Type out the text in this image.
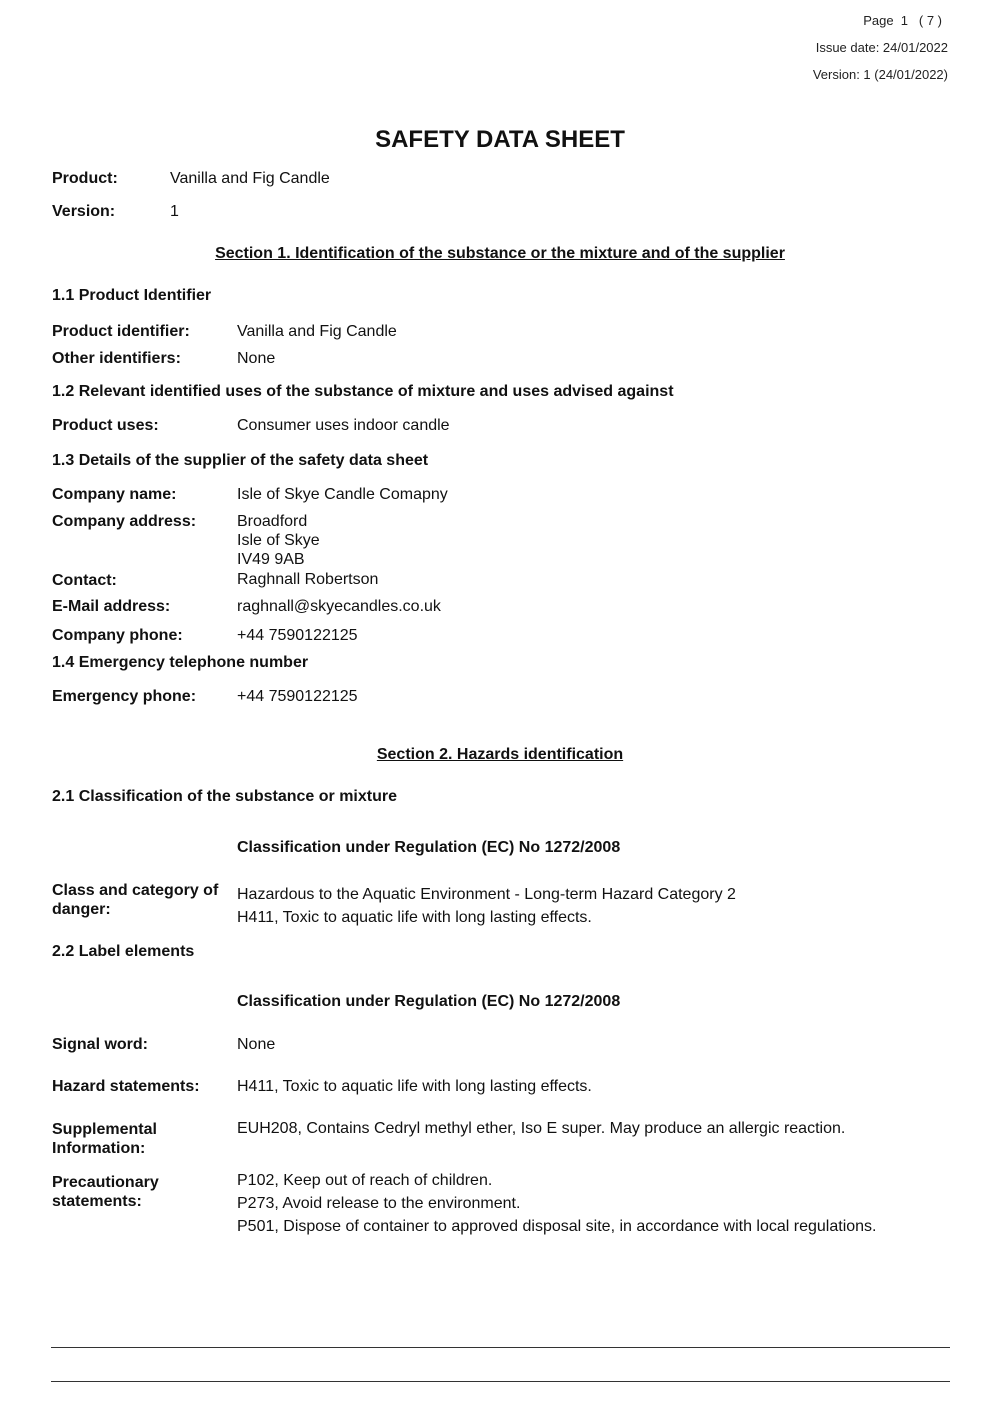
Page 1 ( 7 )
Issue date: 24/01/2022
Version: 1 (24/01/2022)
SAFETY DATA SHEET
Product:	Vanilla and Fig Candle
Version:	1
Section 1. Identification of the substance or the mixture and of the supplier
1.1 Product Identifier
Product identifier:	Vanilla and Fig Candle
Other identifiers:	None
1.2 Relevant identified uses of the substance of mixture and uses advised against
Product uses:	Consumer uses indoor candle
1.3 Details of the supplier of the safety data sheet
Company name:	Isle of Skye Candle Comapny
Company address:	Broadford
Isle of Skye
IV49 9AB
Contact:	Raghnall Robertson
E-Mail address:	raghnall@skyecandles.co.uk
Company phone:	+44 7590122125
1.4 Emergency telephone number
Emergency phone:	+44 7590122125
Section 2. Hazards identification
2.1 Classification of the substance or mixture
Classification under Regulation (EC) No 1272/2008
Class and category of danger:
Hazardous to the Aquatic Environment - Long-term Hazard Category 2
H411, Toxic to aquatic life with long lasting effects.
2.2 Label elements
Classification under Regulation (EC) No 1272/2008
Signal word:	None
Hazard statements: H411, Toxic to aquatic life with long lasting effects.
Supplemental Information:
EUH208, Contains Cedryl methyl ether, Iso E super. May produce an allergic reaction.
Precautionary statements:
P102, Keep out of reach of children.
P273, Avoid release to the environment.
P501, Dispose of container to approved disposal site, in accordance with local regulations.
